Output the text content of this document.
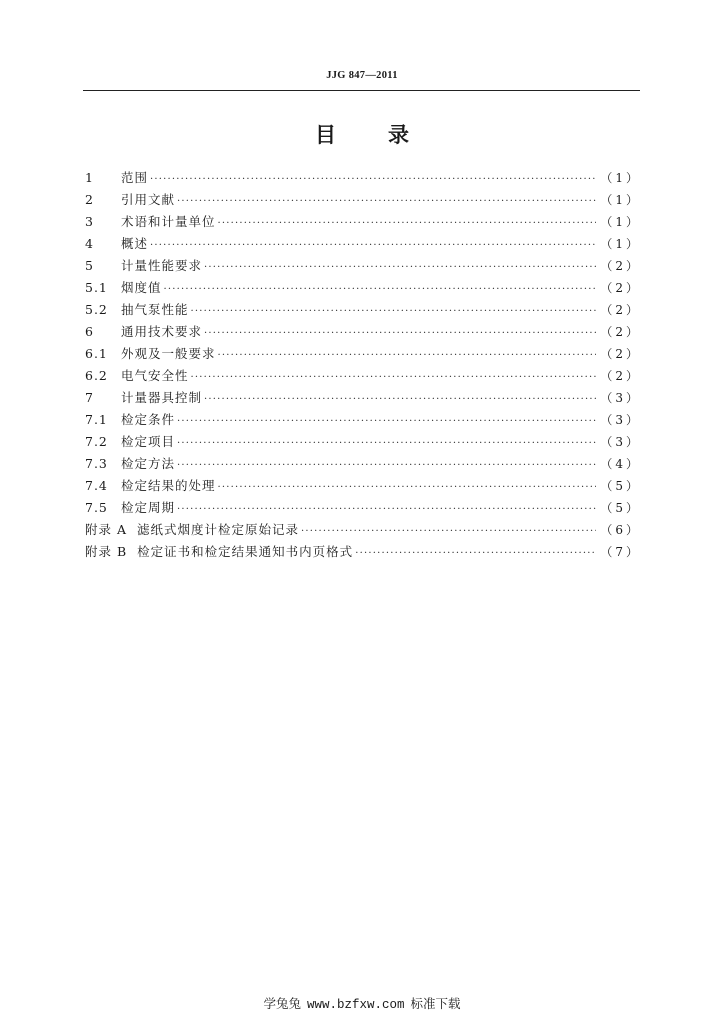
JJG 847—2011
目 录
1	范围 ·····	（1）
2	引用文献 ·····	（1）
3	术语和计量单位 ·····	（1）
4	概述 ·····	（1）
5	计量性能要求 ·····	（2）
5.1 烟度值 ·····	（2）
5.2 抽气泵性能 ·····	（2）
6	通用技术要求 ·····	（2）
6.1 外观及一般要求 ·····	（2）
6.2 电气安全性 ·····	（2）
7	计量器具控制 ·····	（3）
7.1 检定条件 ·····	（3）
7.2 检定项目 ·····	（3）
7.3 检定方法 ·····	（4）
7.4 检定结果的处理 ·····	（5）
7.5 检定周期 ·····	（5）
附录 A 滤纸式烟度计检定原始记录 ·····	（6）
附录 B 检定证书和检定结果通知书内页格式 ·····	（7）
学兔兔 www.bzfxw.com 标准下载
